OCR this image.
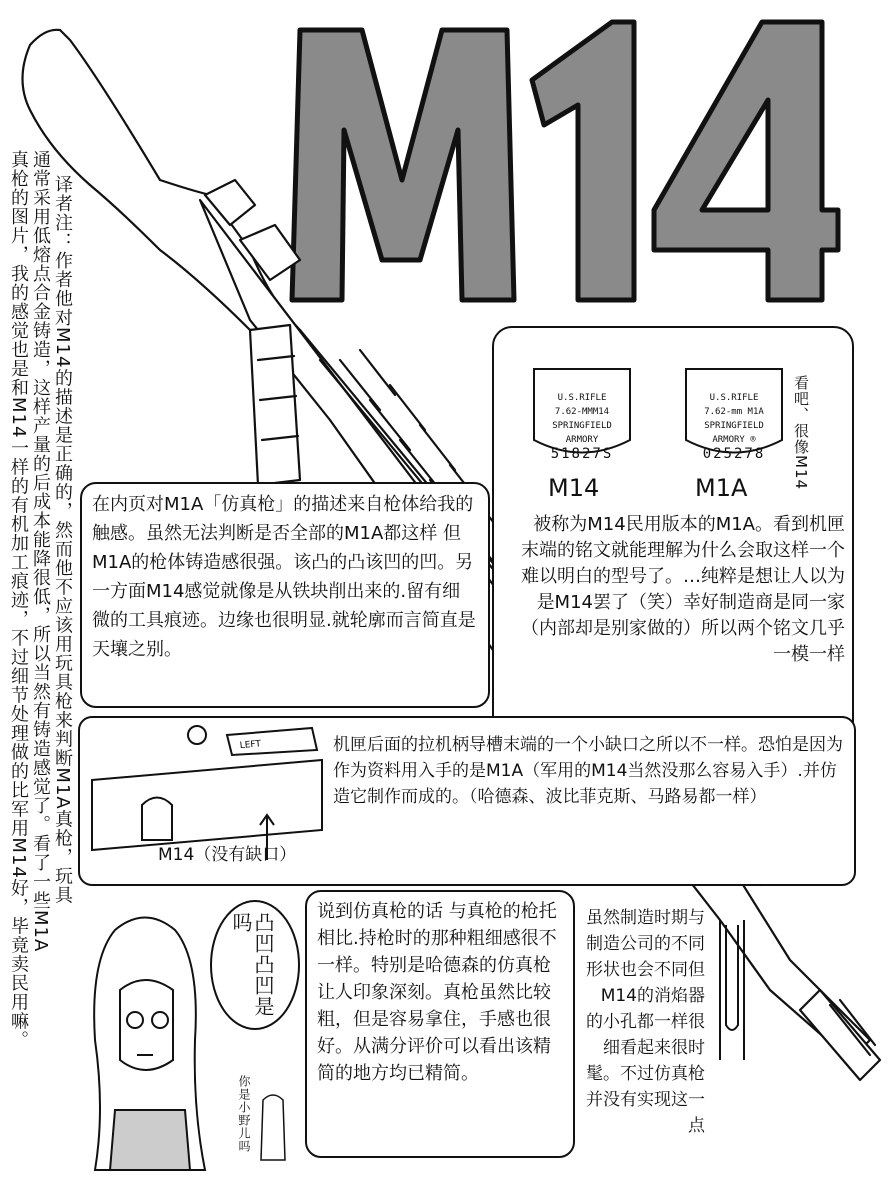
真枪的图片，我的感觉也是和M14一样的有机加工痕迹，不过细节处理做的比军用M14好，毕竟卖民用嘛。 通常采用低熔点合金铸造，这样产量的后成本能降很低，所以当然有铸造感觉了。看了一些M1A 译者注：作者他对M14的描述是正确的，然而他不应该用玩具枪来判断M1A真枪，玩具	U.S.RIFLE
7.62-MMM14
SPRINGFIELD
ARMORY
51827S
M14
U.S.RIFLE
7.62-mm M1A
SPRINGFIELD
ARMORY ®
025278
M1A	看吧、很像M14
被称为M14民用版本的M1A。看到机匣末端的铭文就能理解为什么会取这样一个难以明白的型号了。…纯粹是想让人以为是M14罢了（笑）幸好制造商是同一家（内部却是别家做的）所以两个铭文几乎一模一样
在内页对M1A「仿真枪」的描述来自枪体给我的触感。虽然无法判断是否全部的M1A都这样 但M1A的枪体铸造感很强。该凸的凸该凹的凹。另一方面M14感觉就像是从铁块削出来的.留有细微的工具痕迹。边缘也很明显.就轮廓而言简直是天壤之别。
LEFT
M14（没有缺口）
机匣后面的拉机柄导槽末端的一个小缺口之所以不一样。恐怕是因为作为资料用入手的是M1A（军用的M14当然没那么容易入手）.并仿造它制作而成的。（哈德森、波比菲克斯、马路易都一样）
说到仿真枪的话 与真枪的枪托相比.持枪时的那种粗细感很不一样。特别是哈德森的仿真枪让人印象深刻。真枪虽然比较粗，但是容易拿住，手感也很好。从满分评价可以看出该精简的地方均已精简。
虽然制造时期与制造公司的不同 形状也会不同但M14的消焰器的小孔都一样很细看起来很时髦。不过仿真枪并没有实现这一点
凸凹凸凹是吗
你是小野儿吗
